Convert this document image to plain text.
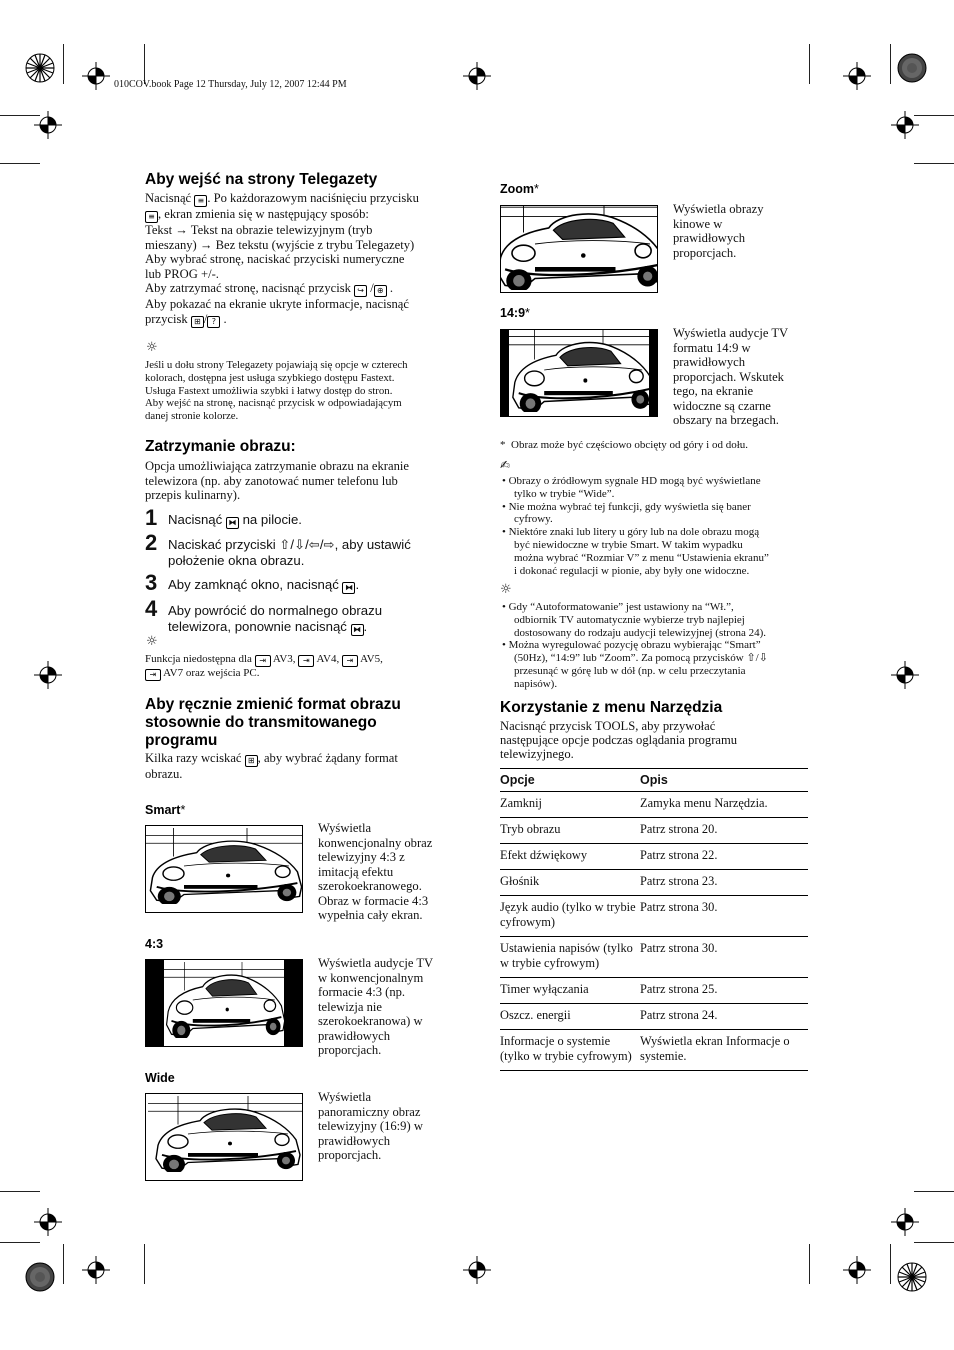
010COV.book Page 12 Thursday, July 12, 2007 12:44 PM
Aby wejść na strony Telegazety
Nacisnąć ≡ . Po każdorazowym naciśnięciu przycisku
≡ , ekran zmienia się w następujący sposób:
Tekst → Tekst na obrazie telewizyjnym (tryb
mieszany) → Bez tekstu (wyjście z trybu Telegazety)
Aby wybrać stronę, naciskać przyciski numeryczne
lub PROG +/-.
Aby zatrzymać stronę, nacisnąć przycisk ↪ / ⊕ .
Aby pokazać na ekranie ukryte informacje, nacisnąć
przycisk ⊞ / ? .
☼
Jeśli u dołu strony Telegazety pojawiają się opcje w czterech
kolorach, dostępna jest usługa szybkiego dostępu Fastext.
Usługa Fastext umożliwia szybki i łatwy dostęp do stron.
Aby wejść na stronę, nacisnąć przycisk w odpowiadającym
danej stronie kolorze.
Zatrzymanie obrazu:
Opcja umożliwiająca zatrzymanie obrazu na ekranie
telewizora (np. aby zanotować numer telefonu lub
przepis kulinarny).
1 Nacisnąć ⧓ na pilocie.
2 Naciskać przyciski ⇧/⇩/⇦/⇨, aby ustawić
położenie okna obrazu.
3 Aby zamknąć okno, nacisnąć ⧓ .
4 Aby powrócić do normalnego obrazu
telewizora, ponownie nacisnąć ⧓ .
☼
Funkcja niedostępna dla ⇥ AV3, ⇥ AV4, ⇥ AV5,
⇥ AV7 oraz wejścia PC.
Aby ręcznie zmienić format obrazu
stosownie do transmitowanego
programu
Kilka razy wciskać ⊞ , aby wybrać żądany format
obrazu.
Smart*
Wyświetla
konwencjonalny obraz
telewizyjny 4:3 z
imitacją efektu
szerokoekranowego.
Obraz w formacie 4:3
wypełnia cały ekran.
4:3
Wyświetla audycje TV
w konwencjonalnym
formacie 4:3 (np.
telewizja nie
szerokoekranowa) w
prawidłowych
proporcjach.
Wide
Wyświetla
panoramiczny obraz
telewizyjny (16:9) w
prawidłowych
proporcjach.
Zoom*
Wyświetla obrazy
kinowe w
prawidłowych
proporcjach.
14:9*
Wyświetla audycje TV
formatu 14:9 w
prawidłowych
proporcjach. Wskutek
tego, na ekranie
widoczne są czarne
obszary na brzegach.
* Obraz może być częściowo obcięty od góry i od dołu.
✍
• Obrazy o źródłowym sygnale HD mogą być wyświetlane
tylko w trybie “Wide”.
• Nie można wybrać tej funkcji, gdy wyświetla się baner
cyfrowy.
• Niektóre znaki lub litery u góry lub na dole obrazu mogą
być niewidoczne w trybie Smart. W takim wypadku
można wybrać “Rozmiar V” z menu “Ustawienia ekranu”
i dokonać regulacji w pionie, aby były one widoczne.
☼
• Gdy “Autoformatowanie” jest ustawiony na “Wł.”,
odbiornik TV automatycznie wybierze tryb najlepiej
dostosowany do rodzaju audycji telewizyjnej (strona 24).
• Można wyregulować pozycję obrazu wybierając “Smart”
(50Hz), “14:9” lub “Zoom”. Za pomocą przycisków ⇧/⇩
przesunąć w górę lub w dół (np. w celu przeczytania
napisów).
Korzystanie z menu Narzędzia
Nacisnąć przycisk TOOLS, aby przywołać
następujące opcje podczas oglądania programu
telewizyjnego.
Opcje	Opis
Zamknij	Zamyka menu Narzędzia.
Tryb obrazu	Patrz strona 20.
Efekt dźwiękowy	Patrz strona 22.
Głośnik	Patrz strona 23.
Język audio (tylko w trybie cyfrowym)	Patrz strona 30.
Ustawienia napisów (tylko w trybie cyfrowym)	Patrz strona 30.
Timer wyłączania	Patrz strona 25.
Oszcz. energii	Patrz strona 24.
Informacje o systemie (tylko w trybie cyfrowym)	Wyświetla ekran Informacje o systemie.
